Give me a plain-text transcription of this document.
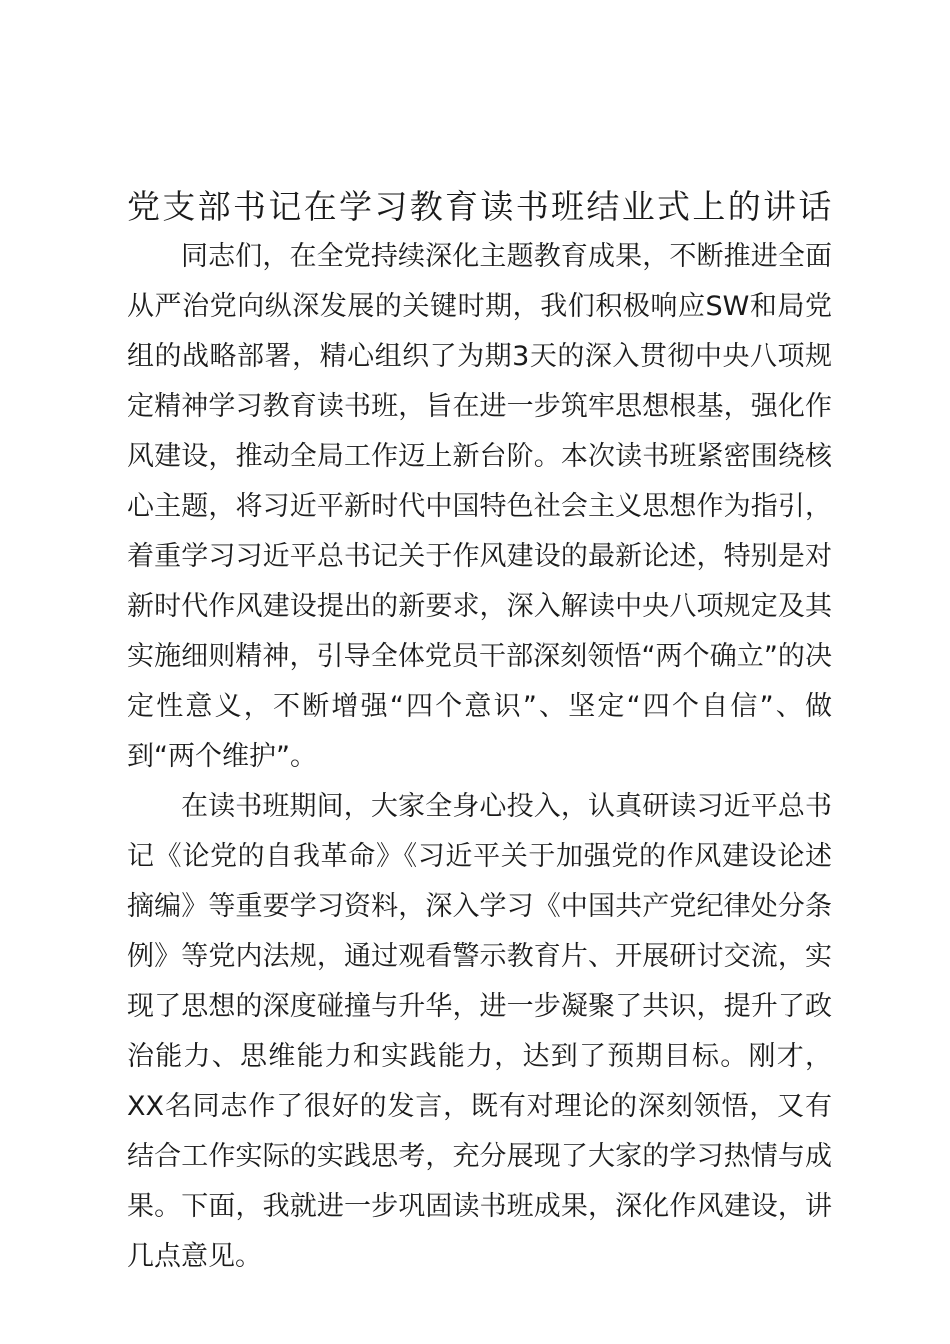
党支部书记在学习教育读书班结业式上的讲话

同志们，在全党持续深化主题教育成果，不断推进全面从严治党向纵深发展的关键时期，我们积极响应SW和局党组的战略部署，精心组织了为期3天的深入贯彻中央八项规定精神学习教育读书班，旨在进一步筑牢思想根基，强化作风建设，推动全局工作迈上新台阶。本次读书班紧密围绕核心主题，将习近平新时代中国特色社会主义思想作为指引，着重学习习近平总书记关于作风建设的最新论述，特别是对新时代作风建设提出的新要求，深入解读中央八项规定及其实施细则精神，引导全体党员干部深刻领悟“两个确立”的决定性意义，不断增强“四个意识”、坚定“四个自信”、做到“两个维护”。

在读书班期间，大家全身心投入，认真研读习近平总书记《论党的自我革命》《习近平关于加强党的作风建设论述摘编》等重要学习资料，深入学习《中国共产党纪律处分条例》等党内法规，通过观看警示教育片、开展研讨交流，实现了思想的深度碰撞与升华，进一步凝聚了共识，提升了政治能力、思维能力和实践能力，达到了预期目标。刚才，XX名同志作了很好的发言，既有对理论的深刻领悟，又有结合工作实际的实践思考，充分展现了大家的学习热情与成果。下面，我就进一步巩固读书班成果，深化作风建设，讲几点意见。
